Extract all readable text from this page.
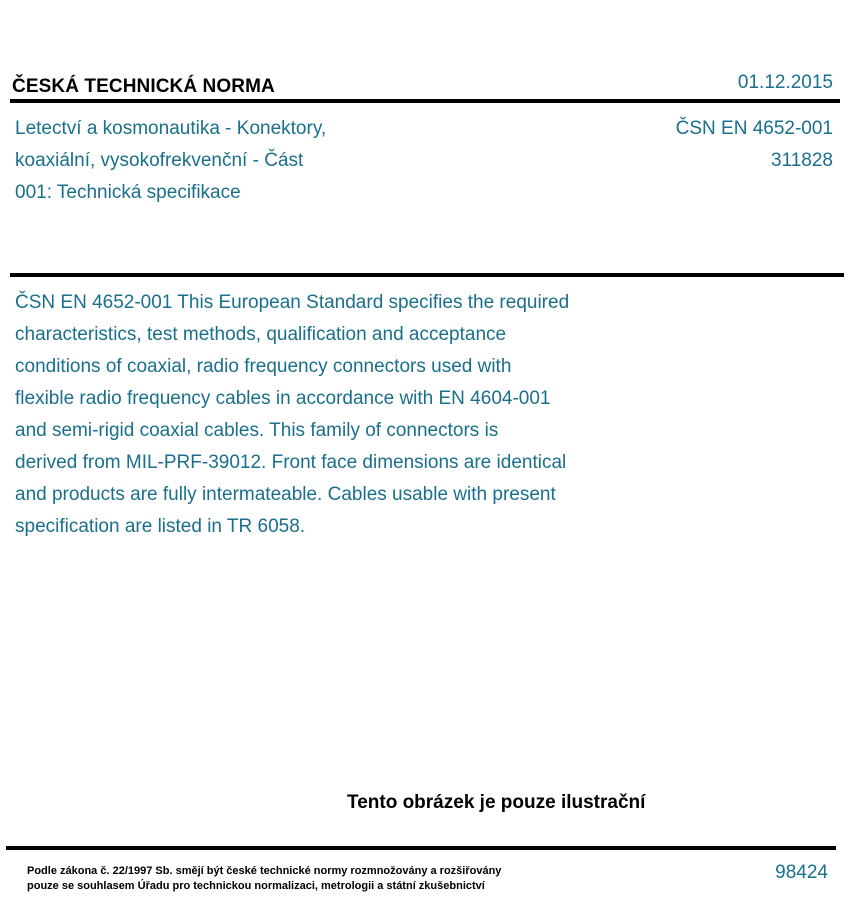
ČESKÁ TECHNICKÁ NORMA	01.12.2015
Letectví a kosmonautika - Konektory,
koaxiální, vysokofrekvenční - Část
001: Technická specifikace
ČSN EN 4652-001
311828
ČSN EN 4652-001 This European Standard specifies the required
characteristics, test methods, qualification and acceptance
conditions of coaxial, radio frequency connectors used with
flexible radio frequency cables in accordance with EN 4604-001
and semi-rigid coaxial cables. This family of connectors is
derived from MIL-PRF-39012. Front face dimensions are identical
and products are fully intermateable. Cables usable with present
specification are listed in TR 6058.
Tento obrázek je pouze ilustrační
Podle zákona č. 22/1997 Sb. smějí být české technické normy rozmnožovány a rozšiřovány
pouze se souhlasem Úřadu pro technickou normalizaci, metrologii a státní zkušebnictví
98424
